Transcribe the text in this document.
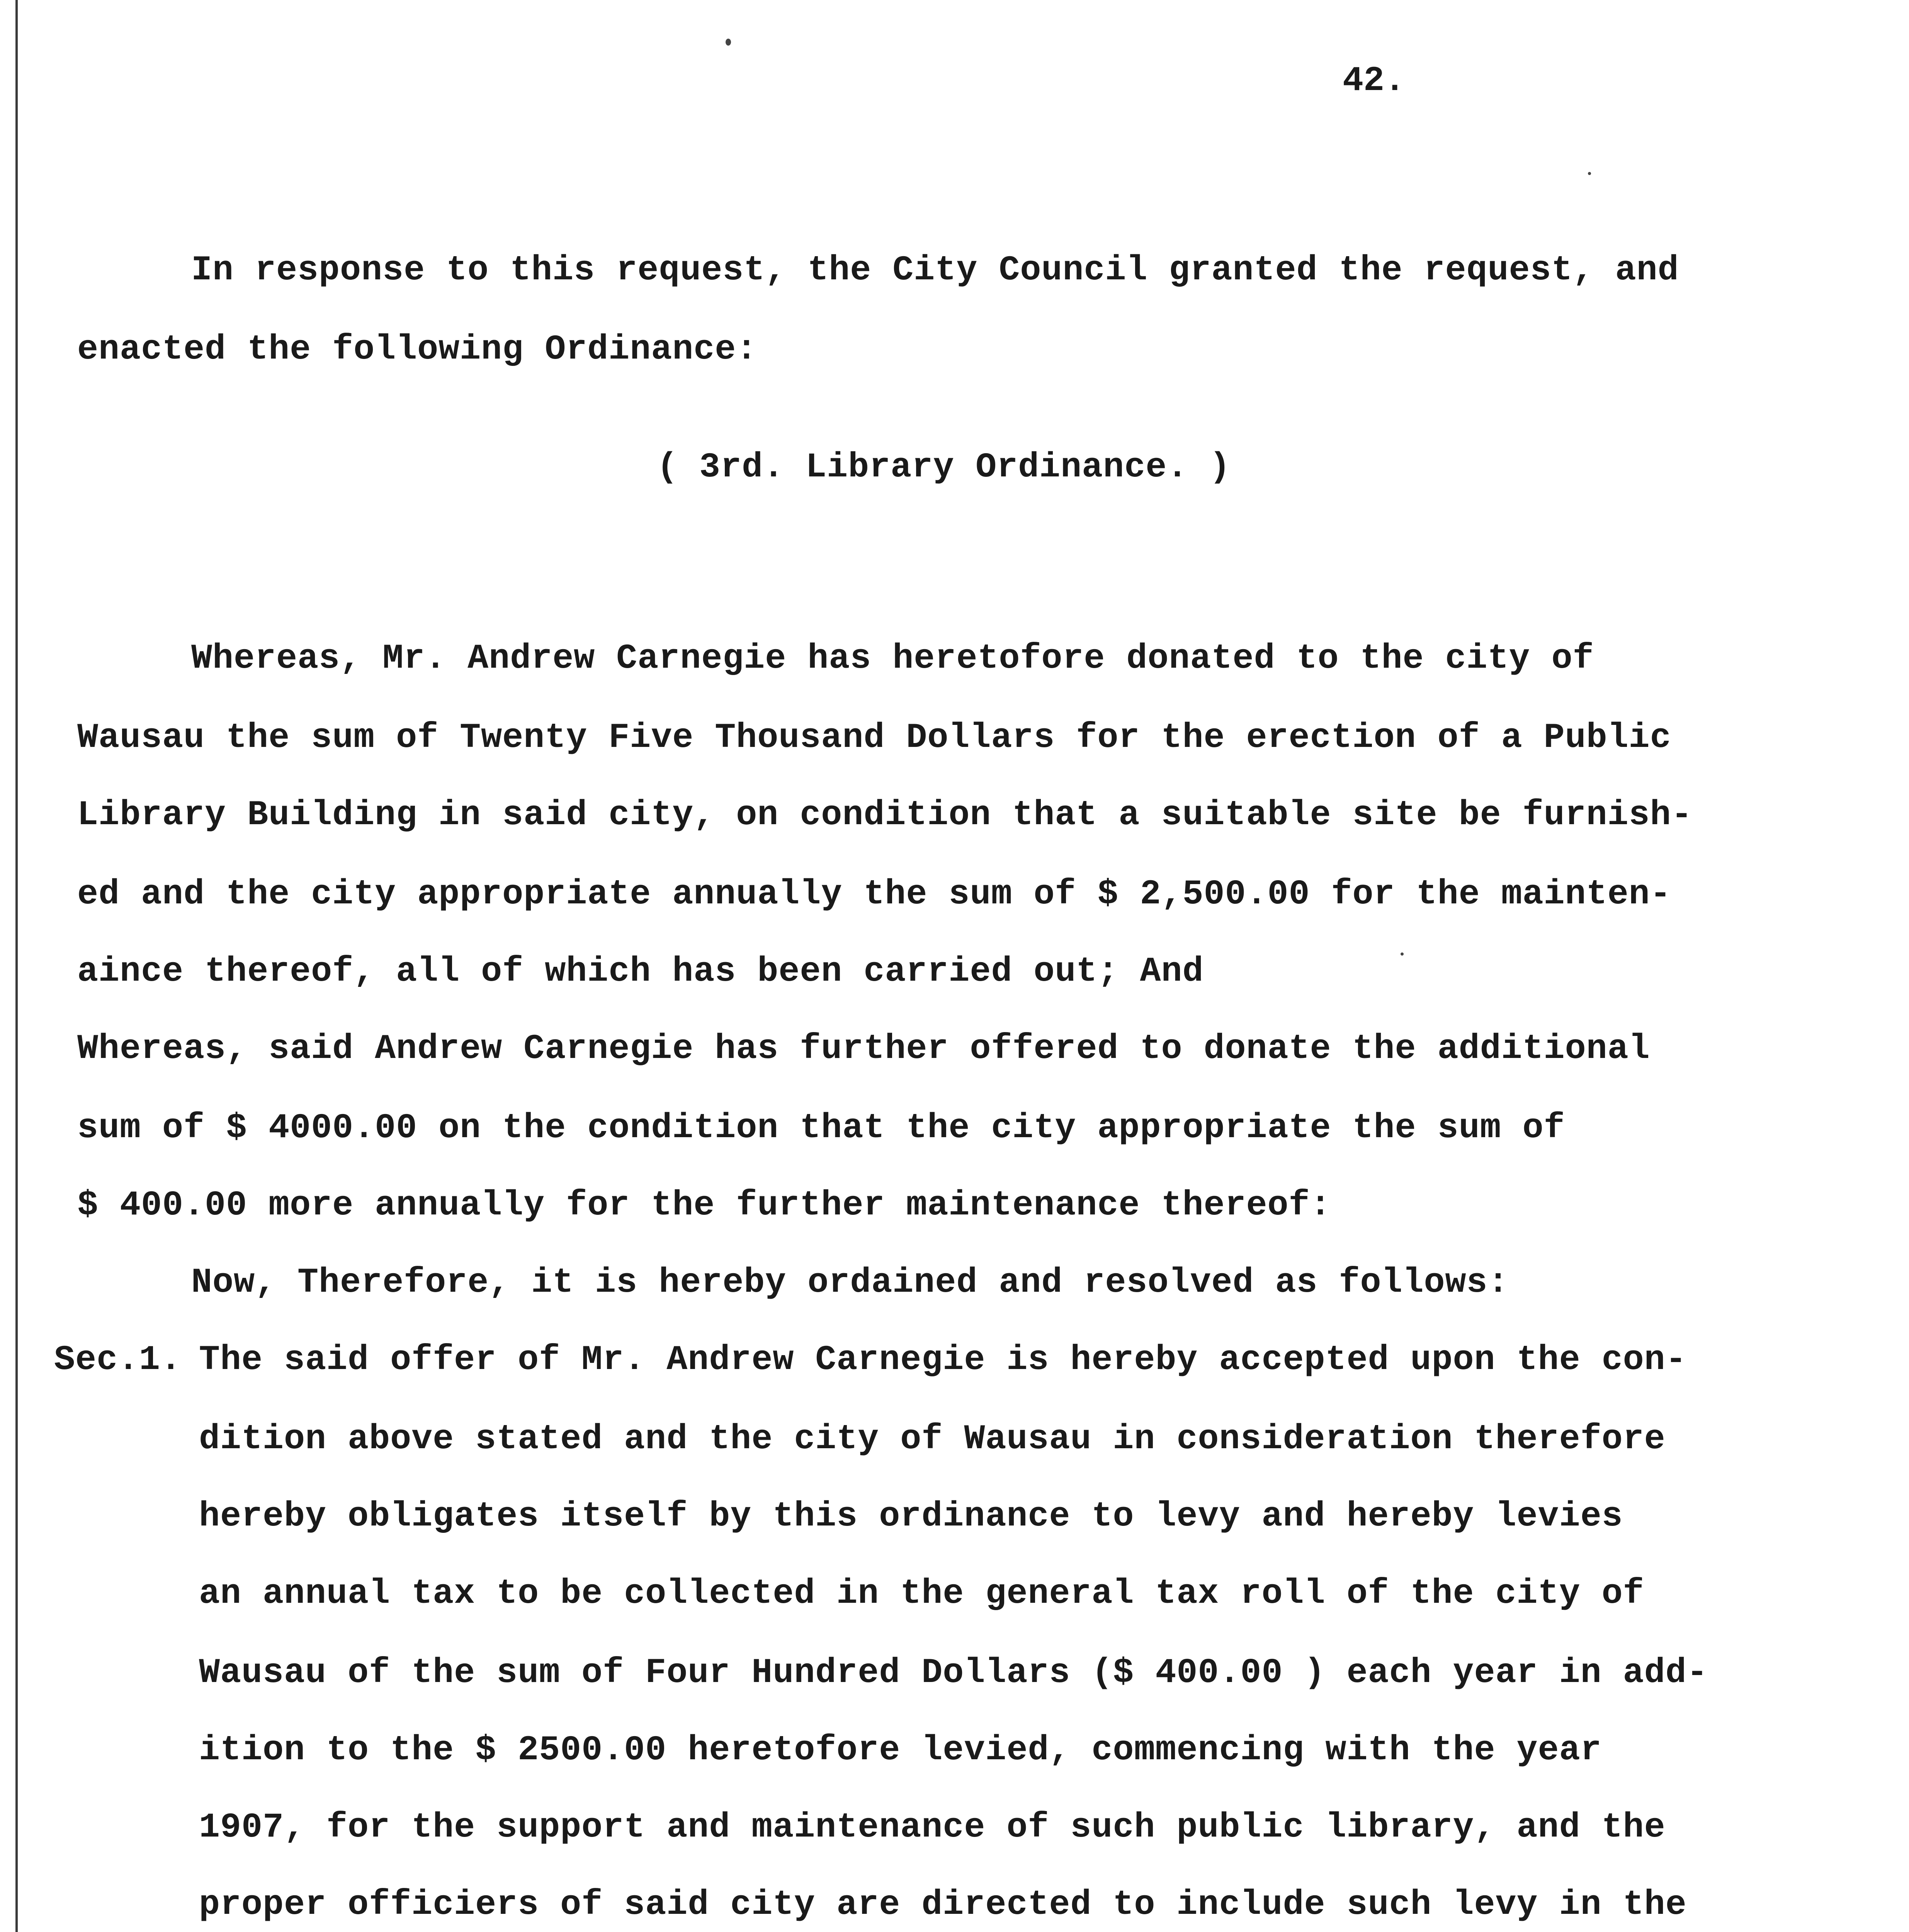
42.
In response to this request, the City Council granted the request, and
enacted the following Ordinance:
( 3rd. Library Ordinance. )
Whereas, Mr. Andrew Carnegie has heretofore donated to the city of
Wausau the sum of Twenty Five Thousand Dollars for the erection of a Public
Library Building in said city, on condition that a suitable site be furnish-
ed and the city appropriate annually the sum of $ 2,500.00 for the mainten-
aince thereof, all of which has been carried out; And
Whereas, said Andrew Carnegie has further offered to donate the additional
sum of $ 4000.00 on the condition that the city appropriate the sum of
$ 400.00 more annually for the further maintenance thereof:
Now, Therefore, it is hereby ordained and resolved as follows:
Sec.1. The said offer of Mr. Andrew Carnegie is hereby accepted upon the con-
dition above stated and the city of Wausau in consideration therefore
hereby obligates itself by this ordinance to levy and hereby levies
an annual tax to be collected in the general tax roll of the city of
Wausau of the sum of Four Hundred Dollars ($ 400.00 ) each year in add-
ition to the $ 2500.00 heretofore levied, commencing with the year
1907, for the support and maintenance of such public library, and the
proper officiers of said city are directed to include such levy in the
